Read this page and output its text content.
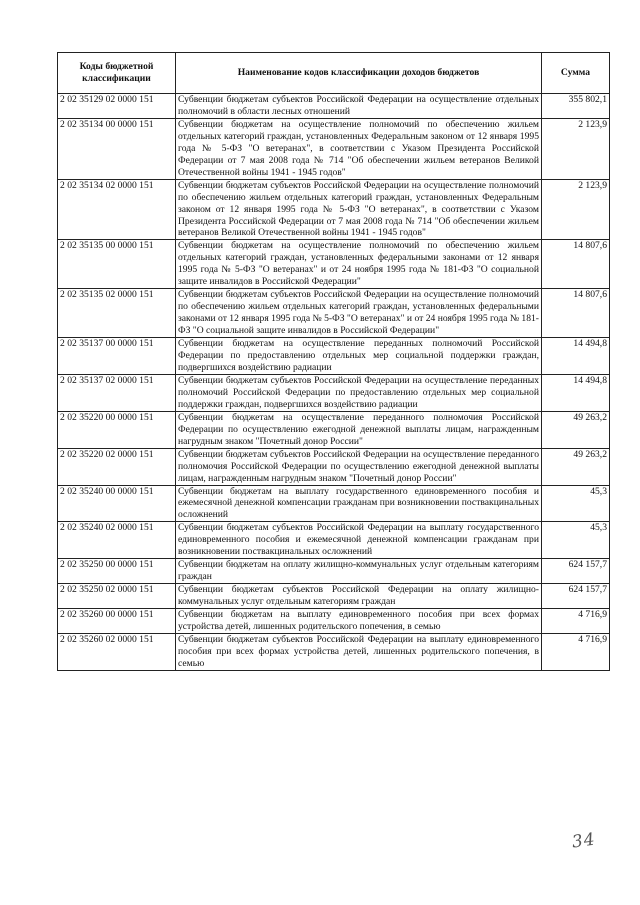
Коды бюджетной классификации	Наименование кодов классификации доходов бюджетов	Сумма
2 02 35129 02 0000 151	Субвенции бюджетам субъектов Российской Федерации на осуществление отдельных полномочий в области лесных отношений	355 802,1
2 02 35134 00 0000 151	Субвенции бюджетам на осуществление полномочий по обеспечению жильем отдельных категорий граждан, установленных Федеральным законом от 12 января 1995 года № 5-ФЗ "О ветеранах", в соответствии с Указом Президента Российской Федерации от 7 мая 2008 года № 714 "Об обеспечении жильем ветеранов Великой Отечественной войны 1941 - 1945 годов"	2 123,9
2 02 35134 02 0000 151	Субвенции бюджетам субъектов Российской Федерации на осуществление полномочий по обеспечению жильем отдельных категорий граждан, установленных Федеральным законом от 12 января 1995 года № 5-ФЗ "О ветеранах", в соответствии с Указом Президента Российской Федерации от 7 мая 2008 года № 714 "Об обеспечении жильем ветеранов Великой Отечественной войны 1941 - 1945 годов"	2 123,9
2 02 35135 00 0000 151	Субвенции бюджетам на осуществление полномочий по обеспечению жильем отдельных категорий граждан, установленных федеральными законами от 12 января 1995 года № 5-ФЗ "О ветеранах" и от 24 ноября 1995 года № 181-ФЗ "О социальной защите инвалидов в Российской Федерации"	14 807,6
2 02 35135 02 0000 151	Субвенции бюджетам субъектов Российской Федерации на осуществление полномочий по обеспечению жильем отдельных категорий граждан, установленных федеральными законами от 12 января 1995 года № 5-ФЗ "О ветеранах" и от 24 ноября 1995 года № 181-ФЗ "О социальной защите инвалидов в Российской Федерации"	14 807,6
2 02 35137 00 0000 151	Субвенции бюджетам на осуществление переданных полномочий Российской Федерации по предоставлению отдельных мер социальной поддержки граждан, подвергшихся воздействию радиации	14 494,8
2 02 35137 02 0000 151	Субвенции бюджетам субъектов Российской Федерации на осуществление переданных полномочий Российской Федерации по предоставлению отдельных мер социальной поддержки граждан, подвергшихся воздействию радиации	14 494,8
2 02 35220 00 0000 151	Субвенции бюджетам на осуществление переданного полномочия Российской Федерации по осуществлению ежегодной денежной выплаты лицам, награжденным нагрудным знаком "Почетный донор России"	49 263,2
2 02 35220 02 0000 151	Субвенции бюджетам субъектов Российской Федерации на осуществление переданного полномочия Российской Федерации по осуществлению ежегодной денежной выплаты лицам, награжденным нагрудным знаком "Почетный донор России"	49 263,2
2 02 35240 00 0000 151	Субвенции бюджетам на выплату государственного единовременного пособия и ежемесячной денежной компенсации гражданам при возникновении поствакцинальных осложнений	45,3
2 02 35240 02 0000 151	Субвенции бюджетам субъектов Российской Федерации на выплату государственного единовременного пособия и ежемесячной денежной компенсации гражданам при возникновении поствакцинальных осложнений	45,3
2 02 35250 00 0000 151	Субвенции бюджетам на оплату жилищно-коммунальных услуг отдельным категориям граждан	624 157,7
2 02 35250 02 0000 151	Субвенции бюджетам субъектов Российской Федерации на оплату жилищно-коммунальных услуг отдельным категориям граждан	624 157,7
2 02 35260 00 0000 151	Субвенции бюджетам на выплату единовременного пособия при всех формах устройства детей, лишенных родительского попечения, в семью	4 716,9
2 02 35260 02 0000 151	Субвенции бюджетам субъектов Российской Федерации на выплату единовременного пособия при всех формах устройства детей, лишенных родительского попечения, в семью	4 716,9
34
